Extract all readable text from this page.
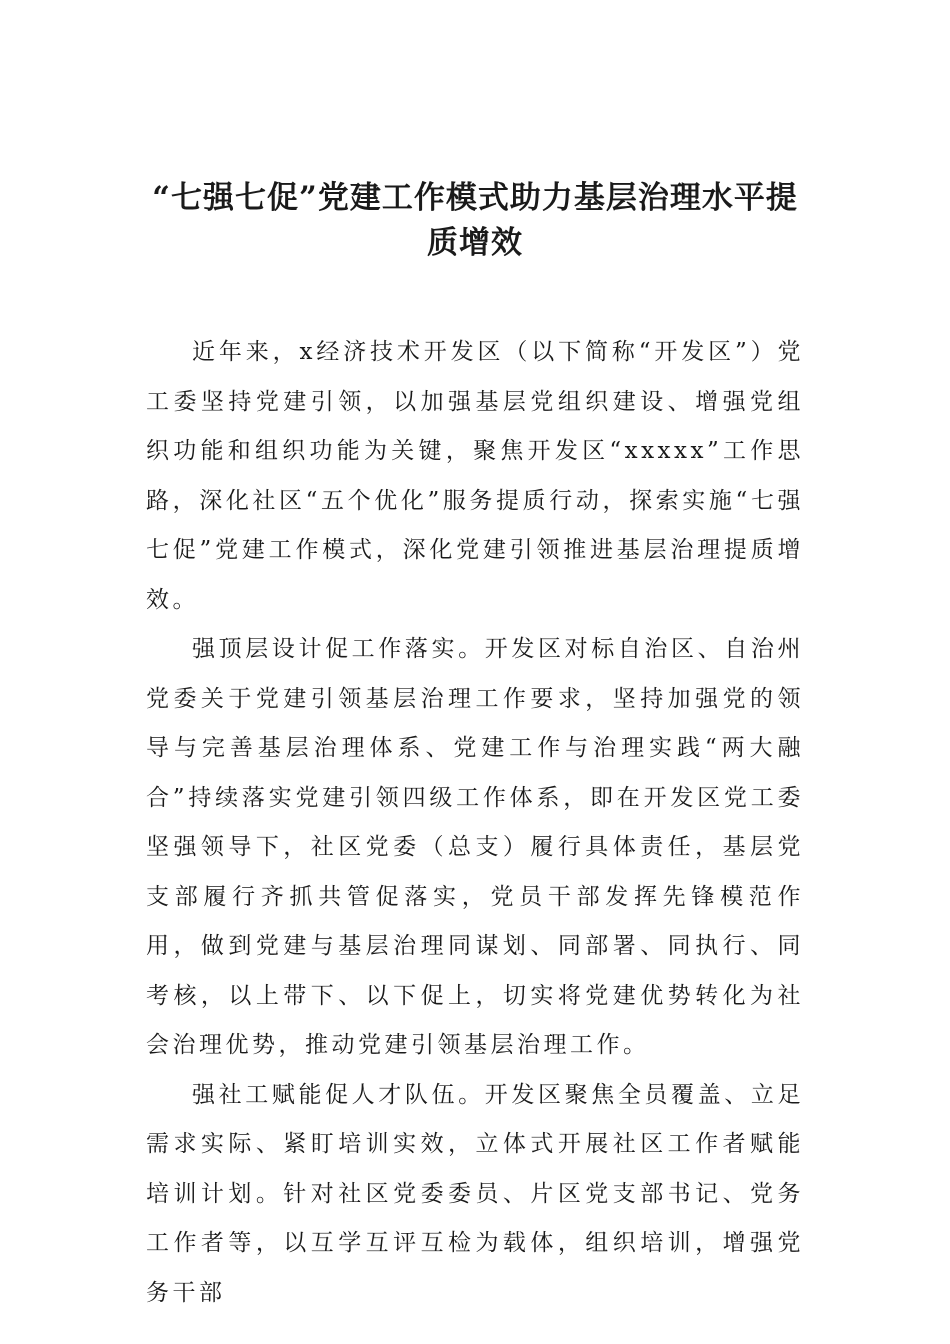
“七强七促”党建工作模式助力基层治理水平提质增效

近年来，x经济技术开发区（以下简称“开发区”）党工委坚持党建引领，以加强基层党组织建设、增强党组织功能和组织功能为关键，聚焦开发区“xxxxx”工作思路，深化社区“五个优化”服务提质行动，探索实施“七强七促”党建工作模式，深化党建引领推进基层治理提质增效。

强顶层设计促工作落实。开发区对标自治区、自治州党委关于党建引领基层治理工作要求，坚持加强党的领导与完善基层治理体系、党建工作与治理实践“两大融合”持续落实党建引领四级工作体系，即在开发区党工委坚强领导下，社区党委（总支）履行具体责任，基层党支部履行齐抓共管促落实，党员干部发挥先锋模范作用，做到党建与基层治理同谋划、同部署、同执行、同考核，以上带下、以下促上，切实将党建优势转化为社会治理优势，推动党建引领基层治理工作。

强社工赋能促人才队伍。开发区聚焦全员覆盖、立足需求实际、紧盯培训实效，立体式开展社区工作者赋能培训计划。针对社区党委委员、片区党支部书记、党务工作者等，以互学互评互检为载体，组织培训，增强党务干部
